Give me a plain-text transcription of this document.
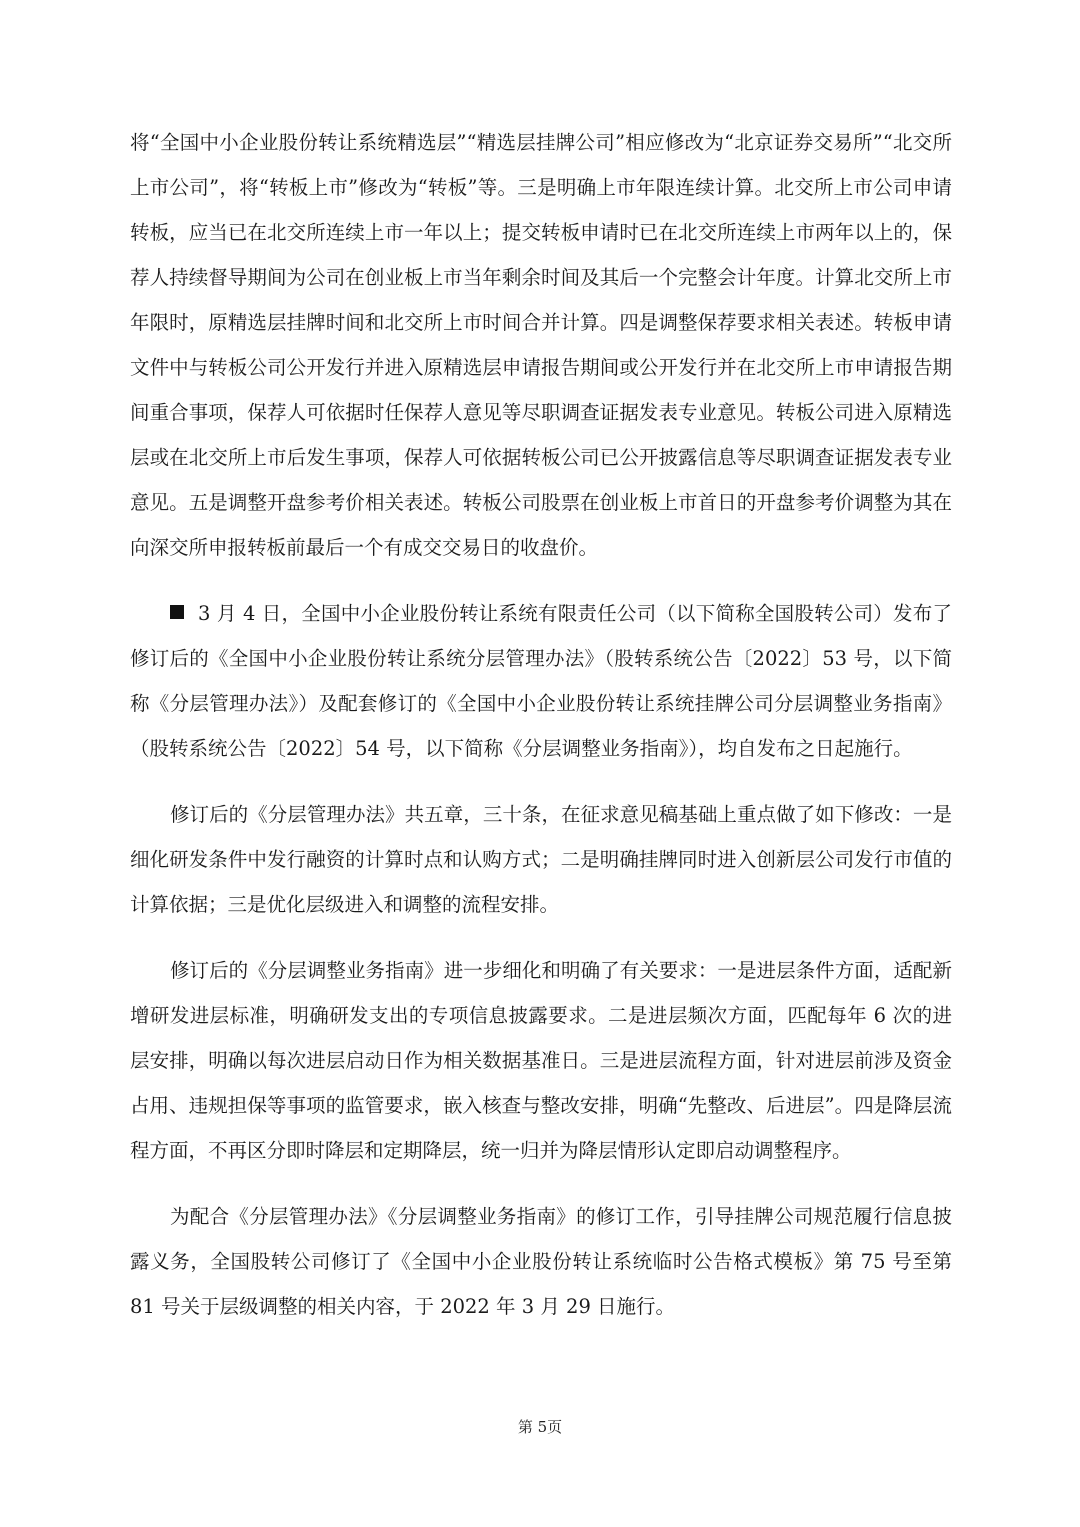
将“全国中小企业股份转让系统精选层”“精选层挂牌公司”相应修改为“北京证券交易所”“北交所上市公司”，将“转板上市”修改为“转板”等。三是明确上市年限连续计算。北交所上市公司申请转板，应当已在北交所连续上市一年以上；提交转板申请时已在北交所连续上市两年以上的，保荐人持续督导期间为公司在创业板上市当年剩余时间及其后一个完整会计年度。计算北交所上市年限时，原精选层挂牌时间和北交所上市时间合并计算。四是调整保荐要求相关表述。转板申请文件中与转板公司公开发行并进入原精选层申请报告期间或公开发行并在北交所上市申请报告期间重合事项，保荐人可依据时任保荐人意见等尽职调查证据发表专业意见。转板公司进入原精选层或在北交所上市后发生事项，保荐人可依据转板公司已公开披露信息等尽职调查证据发表专业意见。五是调整开盘参考价相关表述。转板公司股票在创业板上市首日的开盘参考价调整为其在向深交所申报转板前最后一个有成交交易日的收盘价。

3 月 4 日，全国中小企业股份转让系统有限责任公司（以下简称全国股转公司）发布了修订后的《全国中小企业股份转让系统分层管理办法》（股转系统公告〔2022〕53 号，以下简称《分层管理办法》）及配套修订的《全国中小企业股份转让系统挂牌公司分层调整业务指南》（股转系统公告〔2022〕54 号，以下简称《分层调整业务指南》），均自发布之日起施行。

修订后的《分层管理办法》共五章，三十条，在征求意见稿基础上重点做了如下修改：一是细化研发条件中发行融资的计算时点和认购方式；二是明确挂牌同时进入创新层公司发行市值的计算依据；三是优化层级进入和调整的流程安排。

修订后的《分层调整业务指南》进一步细化和明确了有关要求：一是进层条件方面，适配新增研发进层标准，明确研发支出的专项信息披露要求。二是进层频次方面，匹配每年 6 次的进层安排，明确以每次进层启动日作为相关数据基准日。三是进层流程方面，针对进层前涉及资金占用、违规担保等事项的监管要求，嵌入核查与整改安排，明确“先整改、后进层”。四是降层流程方面，不再区分即时降层和定期降层，统一归并为降层情形认定即启动调整程序。

为配合《分层管理办法》《分层调整业务指南》的修订工作，引导挂牌公司规范履行信息披露义务，全国股转公司修订了《全国中小企业股份转让系统临时公告格式模板》第 75 号至第 81 号关于层级调整的相关内容，于 2022 年 3 月 29 日施行。

第 5页
